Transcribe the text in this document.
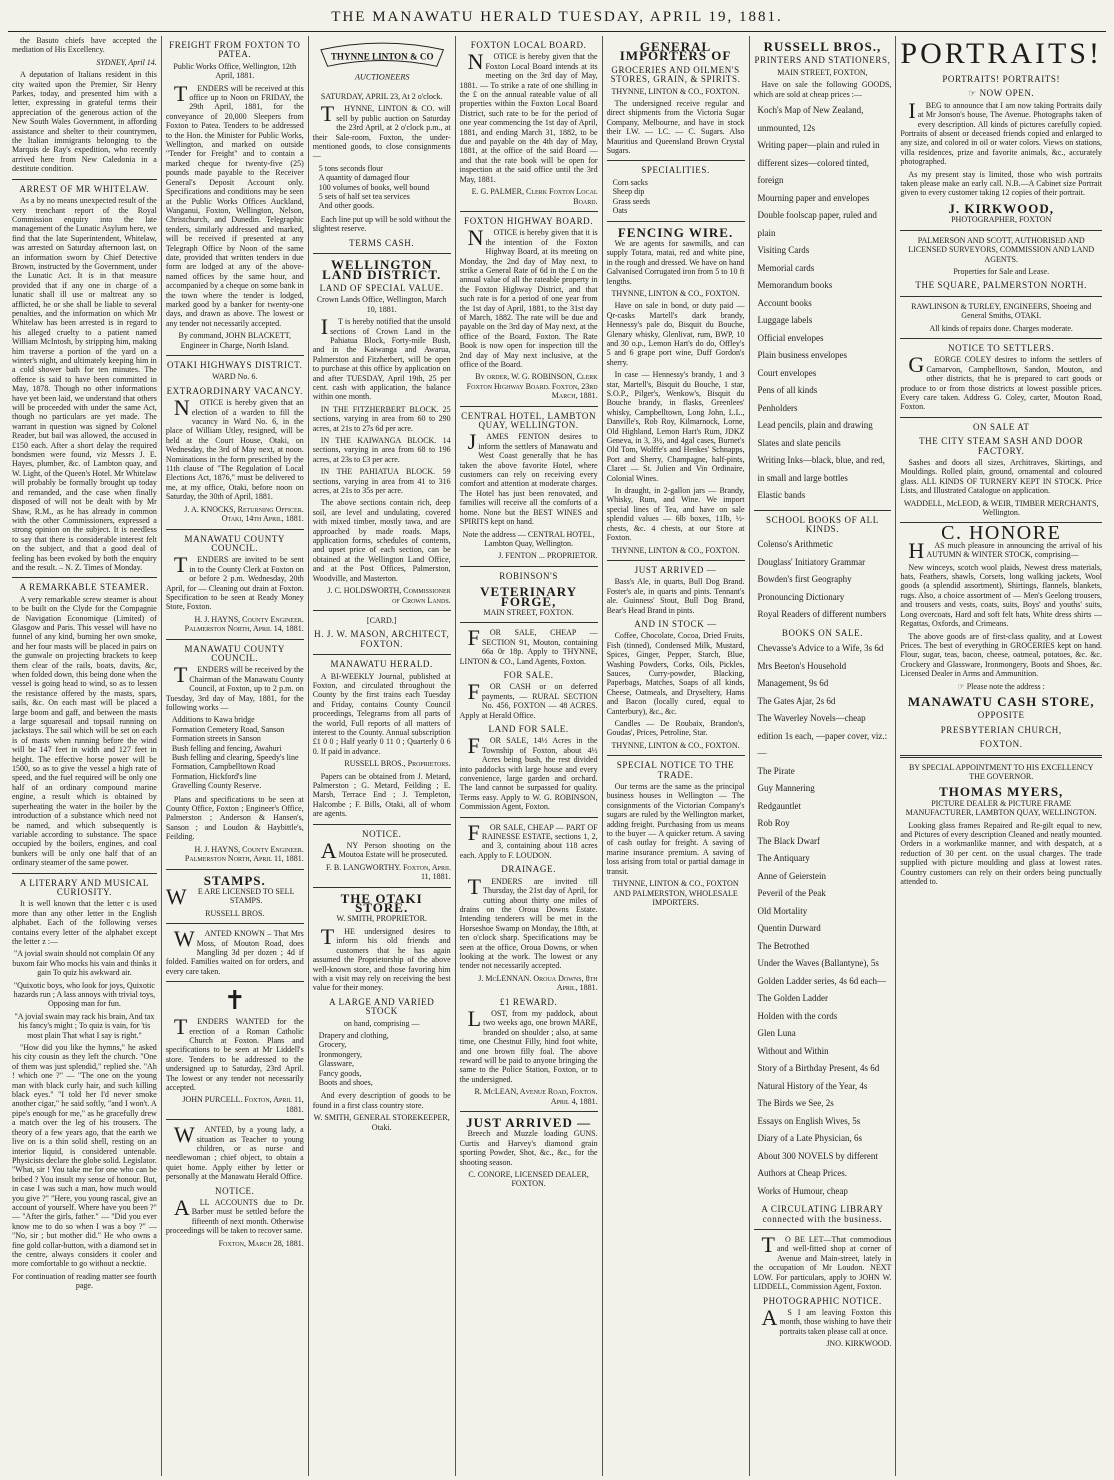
THE MANAWATU HERALD TUESDAY, APRIL 19, 1881.

the Basuto chiefs have accepted the mediation of His Excellency.

SYDNEY, April 14.

A deputation of Italians resident in this city waited upon the Premier, Sir Henry Parkes, today, and presented him with a letter, expressing in grateful terms their appreciation of the generous action of the New South Wales Government, in affording assistance and shelter to their countrymen, the Italian immigrants belonging to the Marquis de Ray's expedition, who recently arrived here from New Caledonia in a destitute condition.

ARREST OF MR WHITELAW.

As a by no means unexpected result of the very trenchant report of the Royal Commission enquiry into the late management of the Lunatic Asylum here, we find that the late Superintendent, Whitelaw, was arrested on Saturday afternoon last, on an information sworn by Chief Detective Brown, instructed by the Government, under the Lunatic Act. It is in that measure provided that if any one in charge of a lunatic shall ill use or maltreat any so afflicted, he or she shall be liable to several penalties, and the information on which Mr Whitelaw has been arrested is in regard to his alleged cruelty to a patient named William McIntosh, by stripping him, making him traverse a portion of the yard on a winter's night, and ultimately keeping him in a cold shower bath for ten minutes. The offence is said to have been committed in May, 1878. Though no other informations have yet been laid, we understand that others will be proceeded with under the same Act, though no particulars are yet made. The warrant in question was signed by Colonel Reader, but bail was allowed, the accused in £150 each. After a short delay the required bondsmen were found, viz Messrs J. E. Hayes, plumber, &c. of Lambton quay, and W. Light, of the Queen's Hotel. Mr Whitelaw will probably be formally brought up today and remanded, and the case when finally disposed of will not be dealt with by Mr Shaw, R.M., as he has already in common with the other Commissioners, expressed a strong opinion on the subject. It is needless to say that there is considerable interest felt on the subject, and that a good deal of feeling has been evoked by both the enquiry and the result. – N. Z. Times of Monday.

A REMARKABLE STEAMER.

A very remarkable screw steamer is about to be built on the Clyde for the Compagnie de Navigation Economique (Limited) of Glasgow and Paris. This vessel will have no funnel of any kind, burning her own smoke, and her four masts will be placed in pairs on the gunwale on projecting brackets to keep them clear of the rails, boats, davits, &c, when folded down, this being done when the vessel is going head to wind, so as to lessen the resistance offered by the masts, spars, sails, &c. On each mast will be placed a large boom and gaff, and between the masts a large squaresail and topsail running on jackstays. The sail which will be set on each is of masts when running before the wind will be 147 feet in width and 127 feet in height. The effective horse power will be 1500, so as to give the vessel a high rate of speed, and the fuel required will be only one half of an ordinary compound marine engine, a result which is obtained by superheating the water in the boiler by the introduction of a substance which need not be named, and which subsequently is variable according to substance. The space occupied by the boilers, engines, and coal bunkers will be only one half that of an ordinary steamer of the same power.

A LITERARY AND MUSICAL CURIOSITY.

It is well known that the letter c is used more than any other letter in the English alphabet. Each of the following verses contains every letter of the alphabet except the letter z :—

"A jovial swain should not complain Of any buxom fair Who mocks his vain and thinks it gain To quiz his awkward air.

"Quixotic boys, who look for joys, Quixotic hazards run ; A lass annoys with trivial toys, Opposing man for fun.

"A jovial swain may rack his brain, And tax his fancy's might ; To quiz is vain, for 'tis most plain That what I say is right."

"How did you like the hymns," he asked his city cousin as they left the church. "One of them was just splendid," replied she. "Ah ! which one ?" — "The one on the young man with black curly hair, and such killing black eyes." "I told her I'd never smoke another cigar," he said softly, "and I won't. A pipe's enough for me," as he gracefully drew a match over the leg of his trousers. The theory of a few years ago, that the earth we live on is a thin solid shell, resting on an interior liquid, is considered untenable. Physicists declare the globe solid. Legislator. "What, sir ! You take me for one who can be bribed ? You insult my sense of honour. But, in case I was such a man, how much would you give ?" "Here, you young rascal, give an account of yourself. Where have you been ?" — "After the girls, father." — "Did you ever know me to do so when I was a boy ?" — "No, sir ; but mother did." He who owns a fine gold collar-button, with a diamond set in the centre, always considers it cooler and more comfortable to go without a necktie.

For continuation of reading matter see fourth page.

FREIGHT FROM FOXTON TO PATEA.

Public Works Office, Wellington, 12th April, 1881.

TENDERS will be received at this office up to Noon on FRIDAY, the 29th April, 1881, for the conveyance of 20,000 Sleepers from Foxton to Patea. Tenders to be addressed to the Hon. the Minister for Public Works, Wellington, and marked on outside "Tender for Freight" and to contain a marked cheque for twenty-five (25) pounds made payable to the Receiver General's Deposit Account only. Specifications and conditions may be seen at the Public Works Offices Auckland, Wanganui, Foxton, Wellington, Nelson, Christchurch, and Dunedin. Telegraphic tenders, similarly addressed and marked, will be received if presented at any Telegraph Office by Noon of the same date, provided that written tenders in due form are lodged at any of the above-named offices by the same hour, and accompanied by a cheque on some bank in the town where the tender is lodged, marked good by a banker for twenty-one days, and drawn as above. The lowest or any tender not necessarily accepted.

By command, JOHN BLACKETT, Engineer in Charge, North Island.

OTAKI HIGHWAYS DISTRICT.

WARD No. 6.

EXTRAORDINARY VACANCY.

NOTICE is hereby given that an election of a warden to fill the vacancy in Ward No. 6, in the place of William Utley, resigned, will be held at the Court House, Otaki, on Wednesday, the 3rd of May next, at noon. Nominations in the form prescribed by the 11th clause of "The Regulation of Local Elections Act, 1876," must be delivered to me, at my office, Otaki, before noon on Saturday, the 30th of April, 1881.

J. A. KNOCKS, Returning Officer. Otaki, 14th April, 1881.

MANAWATU COUNTY COUNCIL.

TENDERS are invited to be sent in to the County Clerk at Foxton on or before 2 p.m. Wednesday, 20th April, for — Cleaning out drain at Foxton. Specification to be seen at Ready Money Store, Foxton.

H. J. HAYNS, County Engineer. Palmerston North, April 14, 1881.

MANAWATU COUNTY COUNCIL.

TENDERS will be received by the Chairman of the Manawatu County Council, at Foxton, up to 2 p.m. on Tuesday, 3rd day of May, 1881, for the following works —

Additions to Kawa bridge
Formation Cemetery Road, Sanson
Formation streets in Sanson
Bush felling and fencing, Awahuri
Bush felling and clearing, Speedy's line
Formation, Campbelltown Road
Formation, Hickford's line
Gravelling County Reserve.

Plans and specifications to be seen at County Office, Foxton ; Engineer's Office, Palmerston ; Anderson & Hansen's, Sanson ; and Loudon & Haybittle's, Feilding.

H. J. HAYNS, County Engineer. Palmerston North, April 11, 1881.

STAMPS.

WE ARE LICENSED TO SELL STAMPS.

RUSSELL BROS.

WANTED KNOWN – That Mrs Moss, of Mouton Road, does Mangling 3d per dozen ; 4d if folded. Families waited on for orders, and every care taken.

✝

TENDERS WANTED for the erection of a Roman Catholic Church at Foxton. Plans and specifications to be seen at Mr Liddell's store. Tenders to be addressed to the undersigned up to Saturday, 23rd April. The lowest or any tender not necessarily accepted.

JOHN PURCELL. Foxton, April 11, 1881.

WANTED, by a young lady, a situation as Teacher to young children, or as nurse and needlewoman ; chief object, to obtain a quiet home. Apply either by letter or personally at the Manawatu Herald Office.

NOTICE.

ALL ACCOUNTS due to Dr. Barber must be settled before the fifteenth of next month. Otherwise proceedings will be taken to recover same.

Foxton, March 28, 1881.

THYNNE LINTON & CO
AUCTIONEERS

SATURDAY, APRIL 23, At 2 o'clock.

THYNNE, LINTON & CO. will sell by public auction on Saturday the 23rd April, at 2 o'clock p.m., at their Sale-room, Foxton, the under-mentioned goods, to close consignments —

5 tons seconds flour
A quantity of damaged flour
100 volumes of books, well bound
5 sets of half set tea services
And other goods.

Each line put up will be sold without the slightest reserve.

TERMS CASH.
WELLINGTON LAND DISTRICT.
LAND OF SPECIAL VALUE.

Crown Lands Office, Wellington, March 10, 1881.

IT is hereby notified that the unsold sections of Crown Land in the Pahiatua Block, Forty-mile Bush, and in the Kaiwanga and Awarua, Palmerston and Fitzherbert, will be open to purchase at this office by application on and after TUESDAY, April 19th, 25 per cent. cash with application, the balance within one month.

IN THE FITZHERBERT BLOCK. 25 sections, varying in area from 60 to 290 acres, at 21s to 27s 6d per acre.

IN THE KAIWANGA BLOCK. 14 sections, varying in area from 68 to 196 acres, at 23s to £3 per acre.

IN THE PAHIATUA BLOCK. 59 sections, varying in area from 41 to 316 acres, at 21s to 35s per acre.

The above sections contain rich, deep soil, are level and undulating, covered with mixed timber, mostly tawa, and are approached by made roads. Maps, application forms, schedules of contents, and upset price of each section, can be obtained at the Wellington Land Office, and at the Post Offices, Palmerston, Woodville, and Masterton.

J. C. HOLDSWORTH, Commissioner of Crown Lands.

[CARD.]

H. J. W. MASON, ARCHITECT, FOXTON.
MANAWATU HERALD.

A BI-WEEKLY Journal, published at Foxton, and circulated throughout the County by the first trains each Tuesday and Friday, contains County Council proceedings, Telegrams from all parts of the world, Full reports of all matters of interest to the County. Annual subscription £1 0 0 ; Half yearly 0 11 0 ; Quarterly 0 6 0. If paid in advance.

RUSSELL BROS., Proprietors.

Papers can be obtained from J. Metard, Palmerston ; G. Metard, Feilding ; E. Marsh, Terrace End ; J. Templeton, Halcombe ; F. Bills, Otaki, all of whom are agents.

NOTICE.

ANY Person shooting on the Moutoa Estate will be prosecuted.

F. B. LANGWORTHY. Foxton, April 11, 1881.

THE OTAKI STORE.

W. SMITH, PROPRIETOR.

THE undersigned desires to inform his old friends and customers that he has again assumed the Proprietorship of the above well-known store, and those favoring him with a visit may rely on receiving the best value for their money.

A LARGE AND VARIED STOCK

on hand, comprising —

Drapery and clothing,
Grocery,
Ironmongery,
Glassware,
Fancy goods,
Boots and shoes,

And every description of goods to be found in a first class country store.

W. SMITH, GENERAL STOREKEEPER, Otaki.

FOXTON LOCAL BOARD.

NOTICE is hereby given that the Foxton Local Board intends at its meeting on the 3rd day of May, 1881. — To strike a rate of one shilling in the £ on the annual rateable value of all properties within the Foxton Local Board District, such rate to be for the period of one year commencing the 1st day of April, 1881, and ending March 31, 1882, to be due and payable on the 4th day of May, 1881, at the office of the said Board — and that the rate book will be open for inspection at the said office until the 3rd May, 1881.

E. G. PALMER, Clerk Foxton Local Board.

FOXTON HIGHWAY BOARD.

NOTICE is hereby given that it is the intention of the Foxton Highway Board, at its meeting on Monday, the 2nd day of May next, to strike a General Rate of 6d in the £ on the annual value of all the rateable property in the Foxton Highway District, and that such rate is for a period of one year from the 1st day of April, 1881, to the 31st day of March, 1882. The rate will be due and payable on the 3rd day of May next, at the office of the Board, Foxton. The Rate Book is now open for inspection till the 2nd day of May next inclusive, at the office of the Board.

By order, W. G. ROBINSON, Clerk Foxton Highway Board. Foxton, 23rd March, 1881.

CENTRAL HOTEL, LAMBTON QUAY, WELLINGTON.

JAMES FENTON desires to inform the settlers of Manawatu and West Coast generally that he has taken the above favorite Hotel, where customers can rely on receiving every comfort and attention at moderate charges. The Hotel has just been renovated, and families will receive all the comforts of a home. None but the BEST WINES and SPIRITS kept on hand.

Note the address — CENTRAL HOTEL, Lambton Quay, Wellington.

J. FENTON ... PROPRIETOR.

ROBINSON'S
VETERINARY FORGE,

MAIN STREET, FOXTON.

FOR SALE, CHEAP — SECTION 91, Mouton, containing 66a 0r 18p. Apply to THYNNE, LINTON & CO., Land Agents, Foxton.

FOR SALE.

FOR CASH or on deferred payments, — RURAL SECTION No. 456, FOXTON — 48 ACRES. Apply at Herald Office.

LAND FOR SALE.

FOR SALE, 14½ Acres in the Township of Foxton, about 4½ Acres being bush, the rest divided into paddocks with large house and every convenience, large garden and orchard. The land cannot be surpassed for quality. Terms easy. Apply to W. G. ROBINSON, Commission Agent, Foxton.

FOR SALE, CHEAP — PART OF RAINESSE ESTATE, sections 1, 2, and 3, containing about 118 acres each. Apply to F. LOUDON.

DRAINAGE.

TENDERS are invited till Thursday, the 21st day of April, for cutting about thirty one miles of drains on the Oroua Downs Estate. Intending tenderers will be met in the Horseshoe Swamp on Monday, the 18th, at ten o'clock sharp. Specifications may be seen at the office, Oroua Downs, or when looking at the work. The lowest or any tender not necessarily accepted.

J. McLENNAN. Oroua Downs, 8th April, 1881.

£1 REWARD.

LOST, from my paddock, about two weeks ago, one brown MARE, branded on shoulder ; also, at same time, one Chestnut Filly, hind foot white, and one brown filly foal. The above reward will be paid to anyone bringing the same to the Police Station, Foxton, or to the undersigned.

R. McLEAN, Avenue Road, Foxton. April 4, 1881.

JUST ARRIVED —

Breech and Muzzle loading GUNS. Curtis and Harvey's diamond grain sporting Powder, Shot, &c., &c., for the shooting season.

C. CONORE, LICENSED DEALER, FOXTON.

GENERAL IMPORTERS OF
GROCERIES AND OILMEN'S STORES, GRAIN, & SPIRITS.

THYNNE, LINTON & CO., FOXTON.

The undersigned receive regular and direct shipments from the Victoria Sugar Company, Melbourne, and have in stock their I.W. — I.C. — C. Sugars. Also Mauritius and Queensland Brown Crystal Sugars.

SPECIALITIES.
Corn sacks
Sheep dip
Grass seeds
Oats
FENCING WIRE.

We are agents for sawmills, and can supply Totara, matai, red and white pine, in the rough and dressed. We have on hand Galvanised Corrugated iron from 5 to 10 ft lengths.

THYNNE, LINTON & CO., FOXTON.

Have on sale in bond, or duty paid — Qr-casks Martell's dark brandy, Hennessy's pale do, Bisquit du Bouche, Glenary whisky, Glenlivat, rum, BWP, 10 and 30 o.p., Lemon Hart's do do, Offley's 5 and 6 grape port wine, Duff Gordon's sherry.

In case — Hennessy's brandy, 1 and 3 star, Martell's, Bisquit du Bouche, 1 star, S.O.P., Pilger's, Wenkow's, Bisquit du Bouche brandy, in flasks, Greenlees' whisky, Campbelltown, Long John, L.L., Danville's, Rob Roy, Kilmarnock, Lorne, Old Highland, Lemon Hart's Rum, JDKZ Geneva, in 3, 3½, and 4gal cases, Burnet's Old Tom, Wolffe's and Henkes' Schnapps, Port and Sherry, Champagne, half-pints, Claret — St. Julien and Vin Ordinaire, Colonial Wines.

In draught, in 2-gallon jars — Brandy, Whisky, Rum, and Wine. We import special lines of Tea, and have on sale splendid values — 6lb boxes, 11lb, ½-chests, &c. 4 chests, at our Store at Foxton.

THYNNE, LINTON & CO., FOXTON.

JUST ARRIVED —

Bass's Ale, in quarts, Bull Dog Brand. Foster's ale, in quarts and pints. Tennant's ale. Guinness' Stout, Bull Dog Brand, Bear's Head Brand in pints.

AND IN STOCK —

Coffee, Chocolate, Cocoa, Dried Fruits, Fish (tinned), Condensed Milk, Mustard, Spices, Ginger, Pepper, Starch, Blue, Washing Powders, Corks, Oils, Pickles, Sauces, Curry-powder, Blacking, Paperbags, Matches, Soaps of all kinds, Cheese, Oatmeals, and Dryseltery, Hams and Bacon (locally cured, equal to Canterbury), &c., &c.

Candles — De Roubaix, Brandon's, Goudas', Prices, Petroline, Star.

THYNNE, LINTON & CO., FOXTON.

SPECIAL NOTICE TO THE TRADE.

Our terms are the same as the principal business houses in Wellington — The consignments of the Victorian Company's sugars are ruled by the Wellington market, adding freight. Purchasing from us means to the buyer — A quicker return. A saving of cash outlay for freight. A saving of marine insurance premium. A saving of loss arising from total or partial damage in transit.

THYNNE, LINTON & CO., FOXTON AND PALMERSTON, WHOLESALE IMPORTERS.

RUSSELL BROS.,
PRINTERS AND STATIONERS,

MAIN STREET, FOXTON,

Have on sale the following GOODS, which are sold at cheap prices :—

Koch's Map of New Zealand, unmounted, 12s
Writing paper—plain and ruled in different sizes—colored tinted, foreign
Mourning paper and envelopes
Double foolscap paper, ruled and plain
Visiting Cards
Memorial cards
Memorandum books
Account books
Luggage labels
Official envelopes
Plain business envelopes
Court envelopes
Pens of all kinds
Penholders
Lead pencils, plain and drawing
Slates and slate pencils
Writing Inks—black, blue, and red, in small and large bottles
Elastic bands
SCHOOL BOOKS OF ALL KINDS.
Colenso's Arithmetic
Douglass' Initiatory Grammar
Bowden's first Geography
Pronouncing Dictionary
Royal Readers of different numbers
BOOKS ON SALE.
Chevasse's Advice to a Wife, 3s 6d
Mrs Beeton's Household Management, 9s 6d
The Gates Ajar, 2s 6d
The Waverley Novels—cheap edition 1s each, —paper cover, viz.:—
The Pirate
Guy Mannering
Redgauntlet
Rob Roy
The Black Dwarf
The Antiquary
Anne of Geierstein
Peveril of the Peak
Old Mortality
Quentin Durward
The Betrothed
Under the Waves (Ballantyne), 5s
Golden Ladder series, 4s 6d each—
The Golden Ladder
Holden with the cords
Glen Luna
Without and Within
Story of a Birthday Present, 4s 6d
Natural History of the Year, 4s
The Birds we See, 2s
Essays on English Wives, 5s
Diary of a Late Physician, 6s
About 300 NOVELS by different Authors at Cheap Prices.
Works of Humour, cheap
A CIRCULATING LIBRARY connected with the business.

TO BE LET—That commodious and well-fitted shop at corner of Avenue and Main-street, lately in the occupation of Mr Loudon. NEXT LOW. For particulars, apply to JOHN W. LIDDELL, Commission Agent, Foxton.

PHOTOGRAPHIC NOTICE.

AS I am leaving Foxton this month, those wishing to have their portraits taken please call at once.

JNO. KIRKWOOD.

PORTRAITS!
PORTRAITS! PORTRAITS!
☞ NOW OPEN.

IBEG to announce that I am now taking Portraits daily at Mr Jonson's house, The Avenue. Photographs taken of every description. All kinds of pictures carefully copied. Portraits of absent or deceased friends copied and enlarged to any size, and colored in oil or water colors. Views on stations, villa residences, prize and favorite animals, &c., accurately photographed.

As my present stay is limited, those who wish portraits taken please make an early call. N.B.—A Cabinet size Portrait given to every customer taking 12 copies of their portrait.

J. KIRKWOOD,

PHOTOGRAPHER, FOXTON

PALMERSON AND SCOTT, AUTHORISED AND LICENSED SURVEYORS, COMMISSION AND LAND AGENTS.

Properties for Sale and Lease.

THE SQUARE, PALMERSTON NORTH.

RAWLINSON & TURLEY, ENGINEERS, Shoeing and General Smiths, OTAKI.

All kinds of repairs done. Charges moderate.

NOTICE TO SETTLERS.

GEORGE COLEY desires to inform the settlers of Carnarvon, Campbelltown, Sandon, Mouton, and other districts, that he is prepared to cart goods or produce to or from those districts at lowest possible prices. Every care taken. Address G. Coley, carter, Mouton Road, Foxton.

ON SALE AT
THE CITY STEAM SASH AND DOOR FACTORY.

Sashes and doors all sizes, Architraves, Skirtings, and Mouldings. Rolled plain, ground, ornamental and coloured glass. ALL KINDS OF TURNERY KEPT IN STOCK. Price Lists, and Illustrated Catalogue on application.

WADDELL, McLEOD, & WEIR, TIMBER MERCHANTS, Wellington.

C. HONORE

HAS much pleasure in announcing the arrival of his AUTUMN & WINTER STOCK, comprising—

New winceys, scotch wool plaids, Newest dress materials, hats, Feathers, shawls, Corsets, long walking jackets, Wool goods (a splendid assortment), Shirtings, flannels, blankets, rugs. Also, a choice assortment of — Men's Geelong trousers, and trousers and vests, coats, suits, Boys' and youths' suits, Long overcoats, Hard and soft felt hats, White dress shirts — Regattas, Oxfords, and Crimeans.

The above goods are of first-class quality, and at Lowest Prices. The best of everything in GROCERIES kept on hand. Flour, sugar, teas, bacon, cheese, oatmeal, potatoes, &c. &c. Crockery and Glassware, Ironmongery, Boots and Shoes, &c. Licensed Dealer in Arms and Ammunition.

☞ Please note the address :

MANAWATU CASH STORE,
OPPOSITE
PRESBYTERIAN CHURCH,
FOXTON.

BY SPECIAL APPOINTMENT TO HIS EXCELLENCY THE GOVERNOR.

THOMAS MYERS,

PICTURE DEALER & PICTURE FRAME MANUFACTURER, LAMBTON QUAY, WELLINGTON.

Looking glass frames Repaired and Re-gilt equal to new, and Pictures of every description Cleaned and neatly mounted. Orders in a workmanlike manner, and with despatch, at a reduction of 30 per cent. on the usual charges. The trade supplied with picture moulding and glass at lowest rates. Country customers can rely on their orders being punctually attended to.
